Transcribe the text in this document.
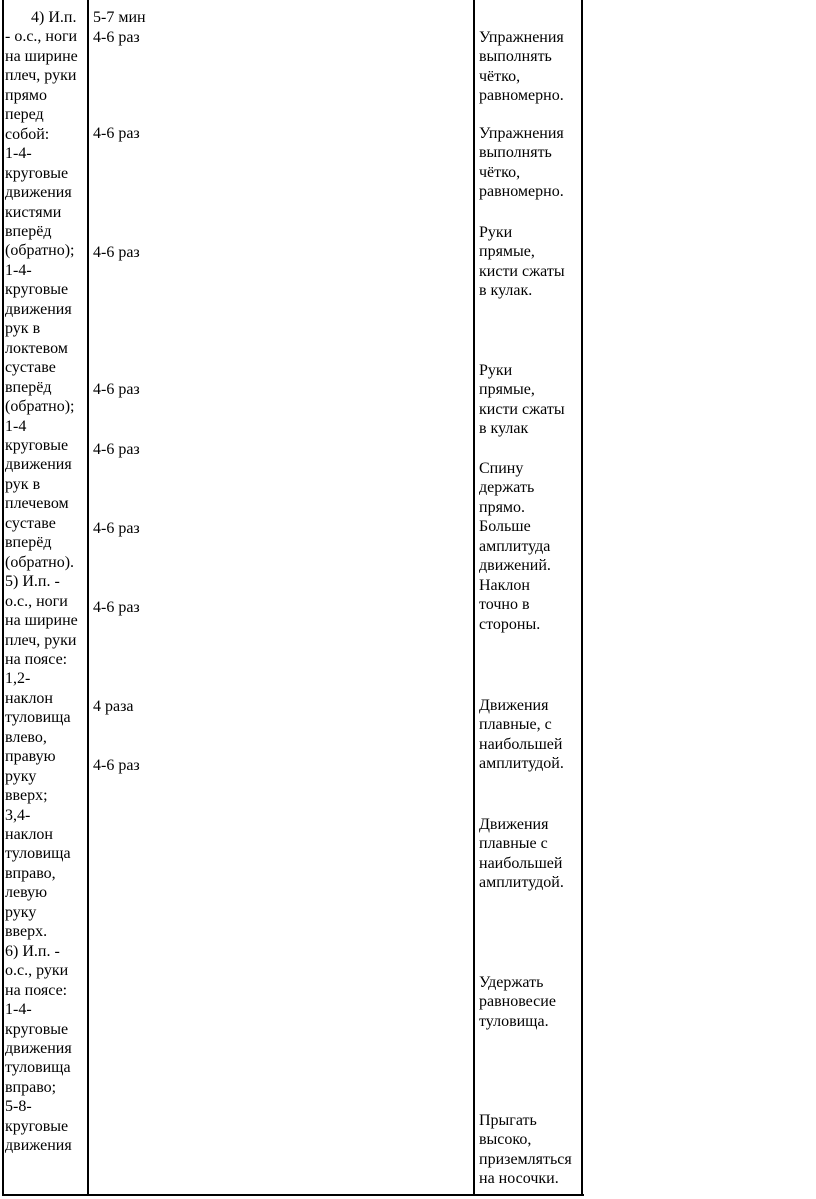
4) И.п.
- о.с., ноги
на ширине
плеч, руки
прямо
перед
собой:
1-4-
круговые
движения
кистями
вперёд
(обратно);
1-4-
круговые
движения
рук в
локтевом
суставе
вперёд
(обратно);
1-4
круговые
движения
рук в
плечевом
суставе
вперёд
(обратно).
5) И.п. -
о.с., ноги
на ширине
плеч, руки
на поясе:
1,2-
наклон
туловища
влево,
правую
руку
вверх;
3,4-
наклон
туловища
вправо,
левую
руку
вверх.
6) И.п. -
о.с., руки
на поясе:
1-4-
круговые
движения
туловища
вправо;
5-8-
круговые
движения
5-7 мин
4-6 раз
4-6 раз
4-6 раз
4-6 раз
4-6 раз
4-6 раз
4-6 раз
4 раза
4-6 раз
Упражнения
выполнять
чётко,
равномерно.
Упражнения
выполнять
чётко,
равномерно.
Руки
прямые,
кисти сжаты
в кулак.
Руки
прямые,
кисти сжаты
в кулак
Спину
держать
прямо.
Больше
амплитуда
движений.
Наклон
точно в
стороны.
Движения
плавные, с
наибольшей
амплитудой.
Движения
плавные с
наибольшей
амплитудой.
Удержать
равновесие
туловища.
Прыгать
высоко,
приземляться
на носочки.
